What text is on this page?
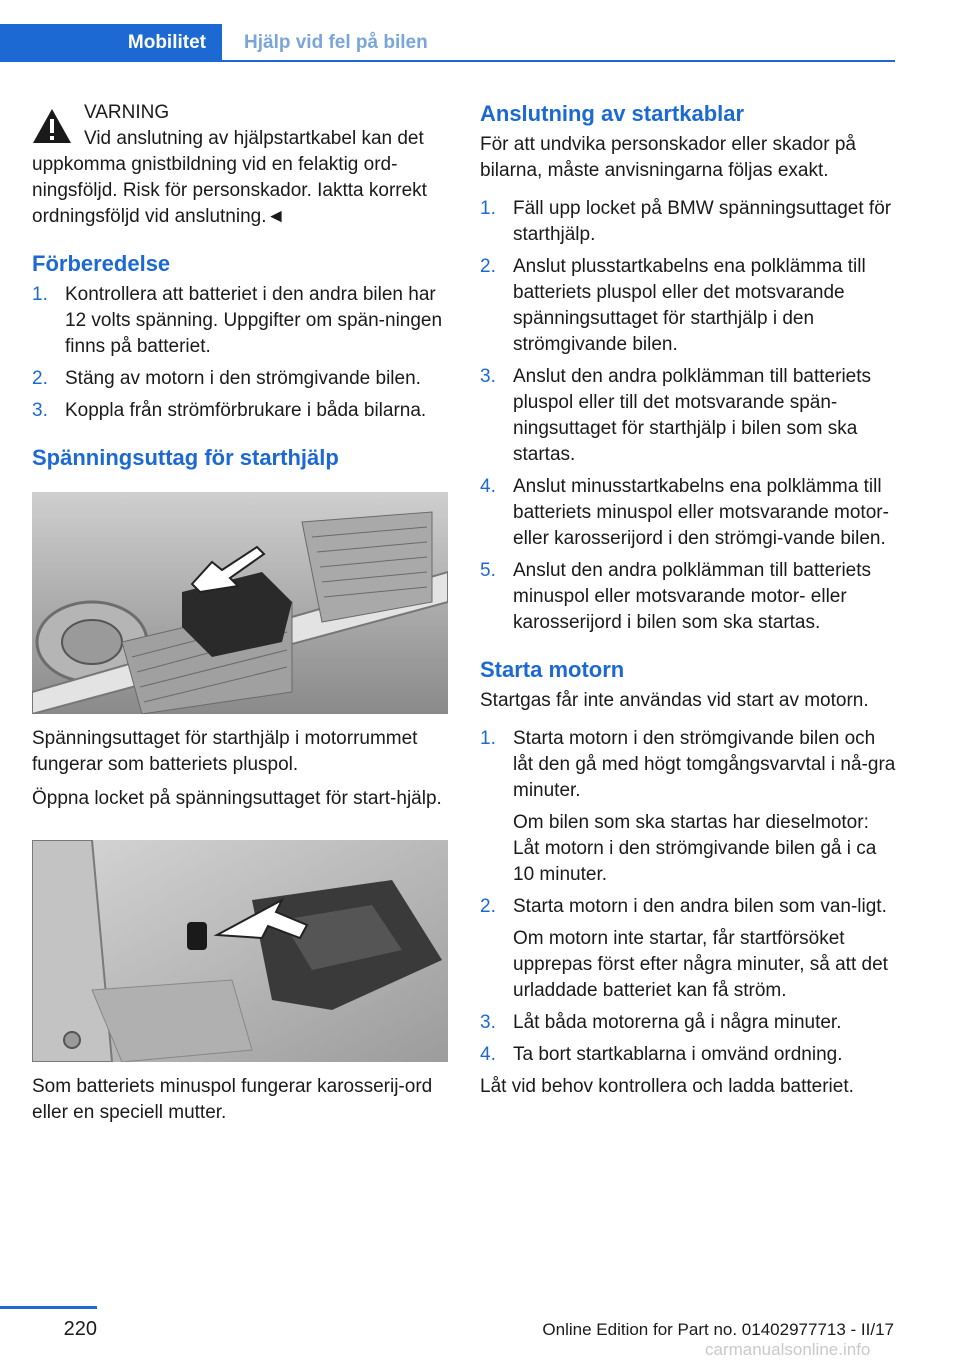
Mobilitet	Hjälp vid fel på bilen
VARNING

Vid anslutning av hjälpstartkabel kan det uppkomma gnistbildning vid en felaktig ord-ningsföljd. Risk för personskador. Iaktta korrekt ordningsföljd vid anslutning.◄

Förberedelse
1. Kontrollera att batteriet i den andra bilen har 12 volts spänning. Uppgifter om spän-ningen finns på batteriet.
2. Stäng av motorn i den strömgivande bilen.
3. Koppla från strömförbrukare i båda bilarna.
Spänningsuttag för starthjälp

Spänningsuttaget för starthjälp i motorrummet fungerar som batteriets pluspol.

Öppna locket på spänningsuttaget för start-hjälp.

Som batteriets minuspol fungerar karosserij-ord eller en speciell mutter.

Anslutning av startkablar

För att undvika personskador eller skador på bilarna, måste anvisningarna följas exakt.

1. Fäll upp locket på BMW spänningsuttaget för starthjälp.
2. Anslut plusstartkabelns ena polklämma till batteriets pluspol eller det motsvarande spänningsuttaget för starthjälp i den strömgivande bilen.
3. Anslut den andra polklämman till batteriets pluspol eller till det motsvarande spän-ningsuttaget för starthjälp i bilen som ska startas.
4. Anslut minusstartkabelns ena polklämma till batteriets minuspol eller motsvarande motor- eller karosserijord i den strömgi-vande bilen.
5. Anslut den andra polklämman till batteriets minuspol eller motsvarande motor- eller karosserijord i bilen som ska startas.
Starta motorn

Startgas får inte användas vid start av motorn.

1. Starta motorn i den strömgivande bilen och låt den gå med högt tomgångsvarvtal i nå-gra minuter.

Om bilen som ska startas har dieselmotor: Låt motorn i den strömgivande bilen gå i ca 10 minuter.

2. Starta motorn i den andra bilen som van-ligt.

Om motorn inte startar, får startförsöket upprepas först efter några minuter, så att det urladdade batteriet kan få ström.

3. Låt båda motorerna gå i några minuter.
4. Ta bort startkablarna i omvänd ordning.

Låt vid behov kontrollera och ladda batteriet.

220	Online Edition for Part no. 01402977713 - II/17
carmanualsonline.info
